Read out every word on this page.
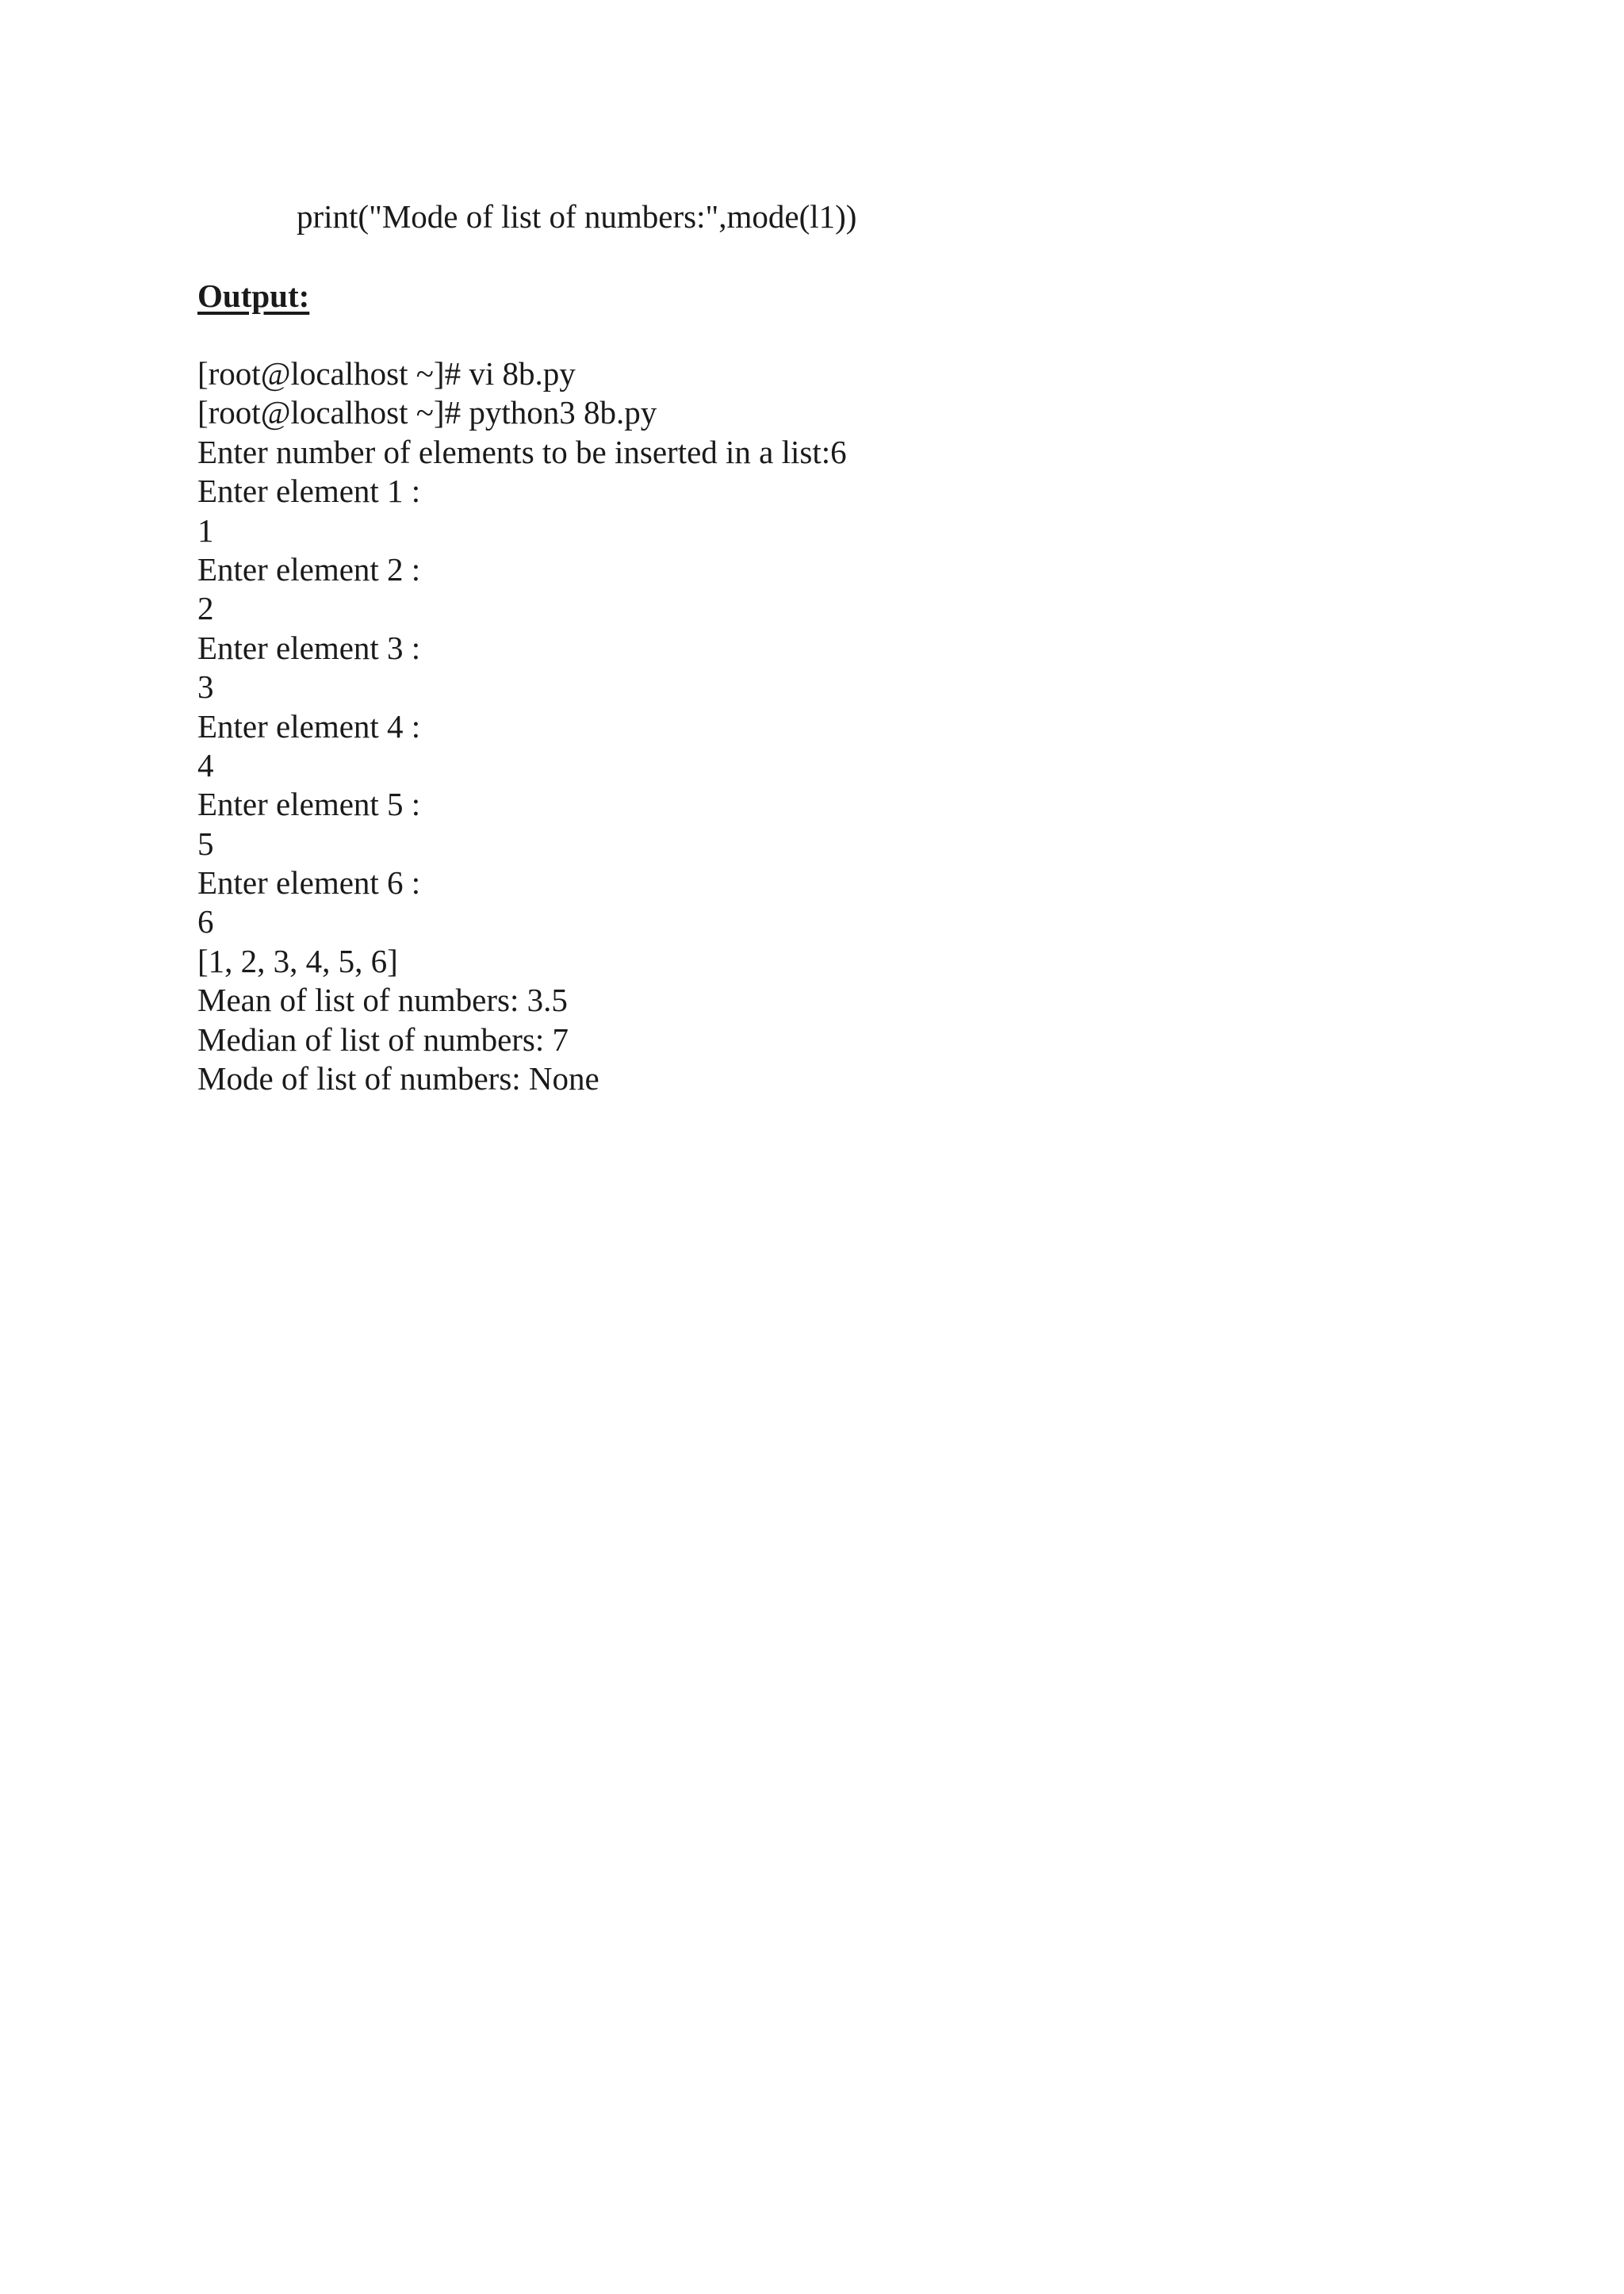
print("Mode of list of numbers:",mode(l1))
Output:
[root@localhost ~]# vi 8b.py
[root@localhost ~]# python3 8b.py
Enter number of elements to be inserted in a list:6
Enter element 1 :
1
Enter element 2 :
2
Enter element 3 :
3
Enter element 4 :
4
Enter element 5 :
5
Enter element 6 :
6
[1, 2, 3, 4, 5, 6]
Mean of list of numbers: 3.5
Median of list of numbers: 7
Mode of list of numbers: None
